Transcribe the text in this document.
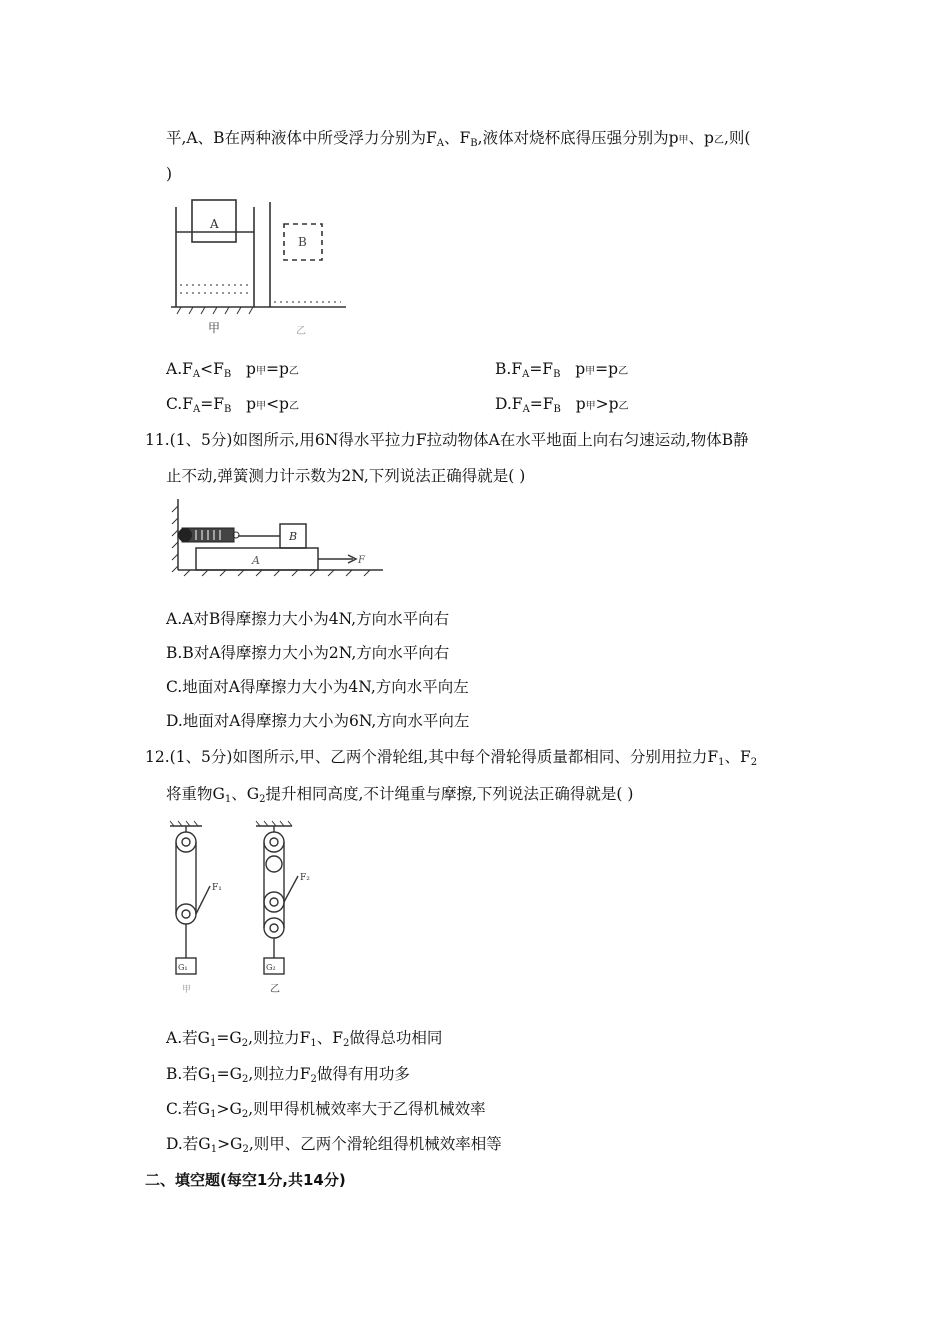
平,A、B在两种液体中所受浮力分别为$F_A$、$F_B$,液体对烧杯底得压强分别为p甲、p乙,则(
)
A
B
甲	乙
$A.F_A<F_B$ p甲=p乙	$B.F_A=F_B$ p甲=p乙
$C.F_A=F_B$ p甲<p乙	$D.F_A=F_B$ p甲>p乙
11.(1、5分)如图所示,用6N得水平拉力F拉动物体A在水平地面上向右匀速运动,物体B静
止不动,弹簧测力计示数为2N,下列说法正确得就是( )
A
B
F
A.A对B得摩擦力大小为4N,方向水平向右
B.B对A得摩擦力大小为2N,方向水平向右
C.地面对A得摩擦力大小为4N,方向水平向左
D.地面对A得摩擦力大小为6N,方向水平向左
12.(1、5分)如图所示,甲、乙两个滑轮组,其中每个滑轮得质量都相同、分别用拉力$F_1$、$F_2$
将重物$G_1$、$G_2$提升相同高度,不计绳重与摩擦,下列说法正确得就是( )
F₁
F₂
G₁	G₂
甲	乙
A.若$G_1=G_2$,则拉力$F_1$、$F_2$做得总功相同
B.若$G_1=G_2$,则拉力$F_2$做得有用功多
C.若$G_1>G_2$,则甲得机械效率大于乙得机械效率
D.若$G_1>G_2$,则甲、乙两个滑轮组得机械效率相等
二、填空题(每空1分,共14分)
